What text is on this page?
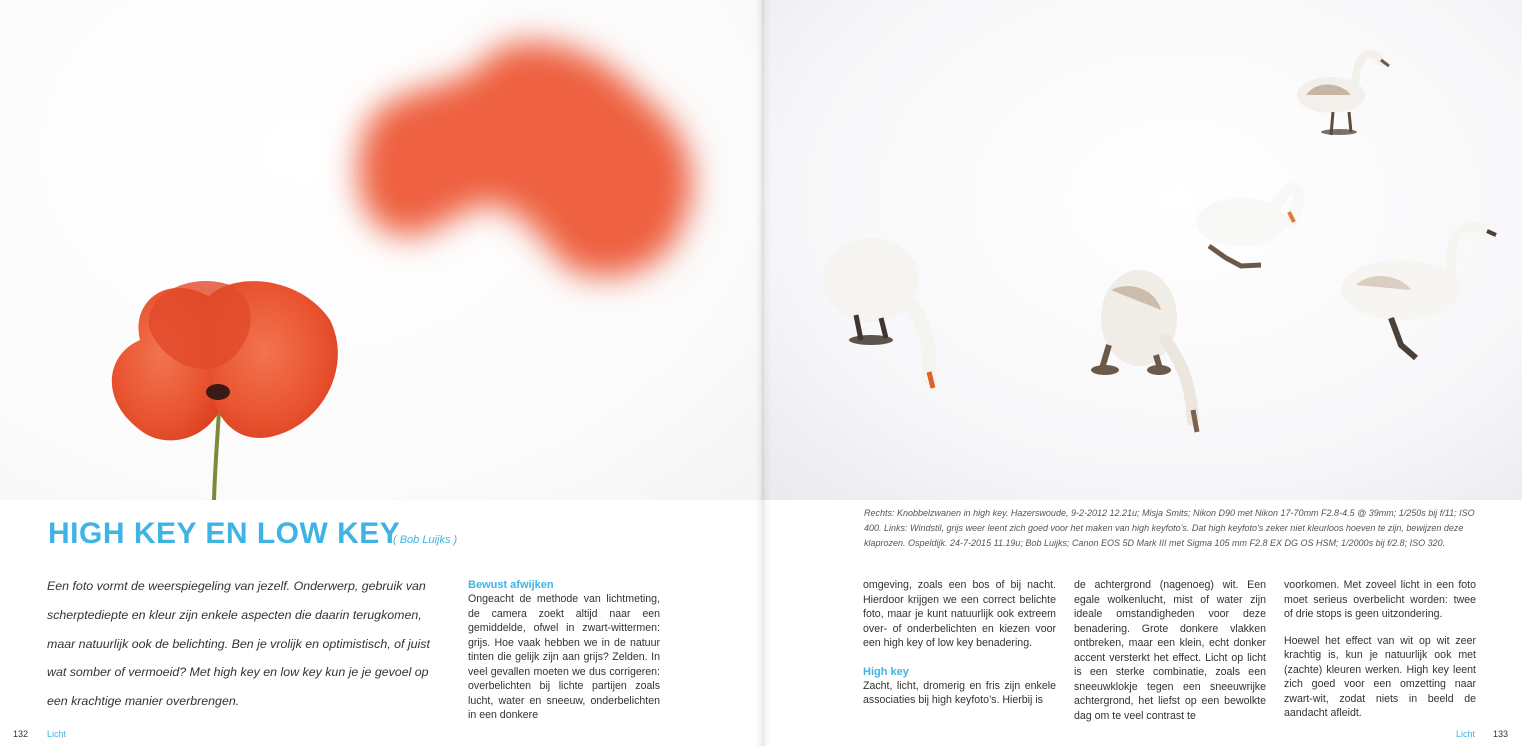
HIGH KEY EN LOW KEY
( Bob Luijks )

Een foto vormt de weerspiegeling van jezelf. Onderwerp, gebruik van scherptediepte en kleur zijn enkele aspecten die daarin terugkomen, maar natuurlijk ook de belichting. Ben je vrolijk en optimistisch, of juist wat somber of vermoeid? Met high key en low key kun je je gevoel op een krachtige manier overbrengen.

Bewust afwijken

Ongeacht de methode van lichtmeting, de camera zoekt altijd naar een gemiddelde, ofwel in zwart-wittermen: grijs. Hoe vaak hebben we in de natuur tinten die gelijk zijn aan grijs? Zelden. In veel gevallen moeten we dus corrigeren: overbelichten bij lichte partijen zoals lucht, water en sneeuw, onderbelichten in een donkere

132 Licht

Rechts: Knobbelzwanen in high key. Hazerswoude, 9-2-2012 12.21u; Misja Smits; Nikon D90 met Nikon 17-70mm F2.8-4.5 @ 39mm; 1/250s bij f/11; ISO 400. Links: Windstil, grijs weer leent zich goed voor het maken van high keyfoto’s. Dat high keyfoto’s zeker niet kleurloos hoeven te zijn, bewijzen deze klaprozen. Ospeldijk. 24-7-2015 11.19u; Bob Luijks; Canon EOS 5D Mark III met Sigma 105 mm F2.8 EX DG OS HSM; 1/2000s bij f/2.8; ISO 320.

omgeving, zoals een bos of bij nacht. Hierdoor krijgen we een correct belichte foto, maar je kunt natuurlijk ook extreem over- of onderbelichten en kiezen voor een high key of low key benadering.

High key

Zacht, licht, dromerig en fris zijn enkele associaties bij high keyfoto’s. Hierbij is

de achtergrond (nagenoeg) wit. Een egale wolkenlucht, mist of water zijn ideale omstandigheden voor deze benadering. Grote donkere vlakken ontbreken, maar een klein, echt donker accent versterkt het effect. Licht op licht is een sterke combinatie, zoals een sneeuwklokje tegen een sneeuwrijke achtergrond, het liefst op een bewolkte dag om te veel contrast te

voorkomen. Met zoveel licht in een foto moet serieus overbelicht worden: twee of drie stops is geen uitzondering.

Hoewel het effect van wit op wit zeer krachtig is, kun je natuurlijk ook met (zachte) kleuren werken. High key leent zich goed voor een omzetting naar zwart-wit, zodat niets in beeld de aandacht afleidt.

Licht 133
